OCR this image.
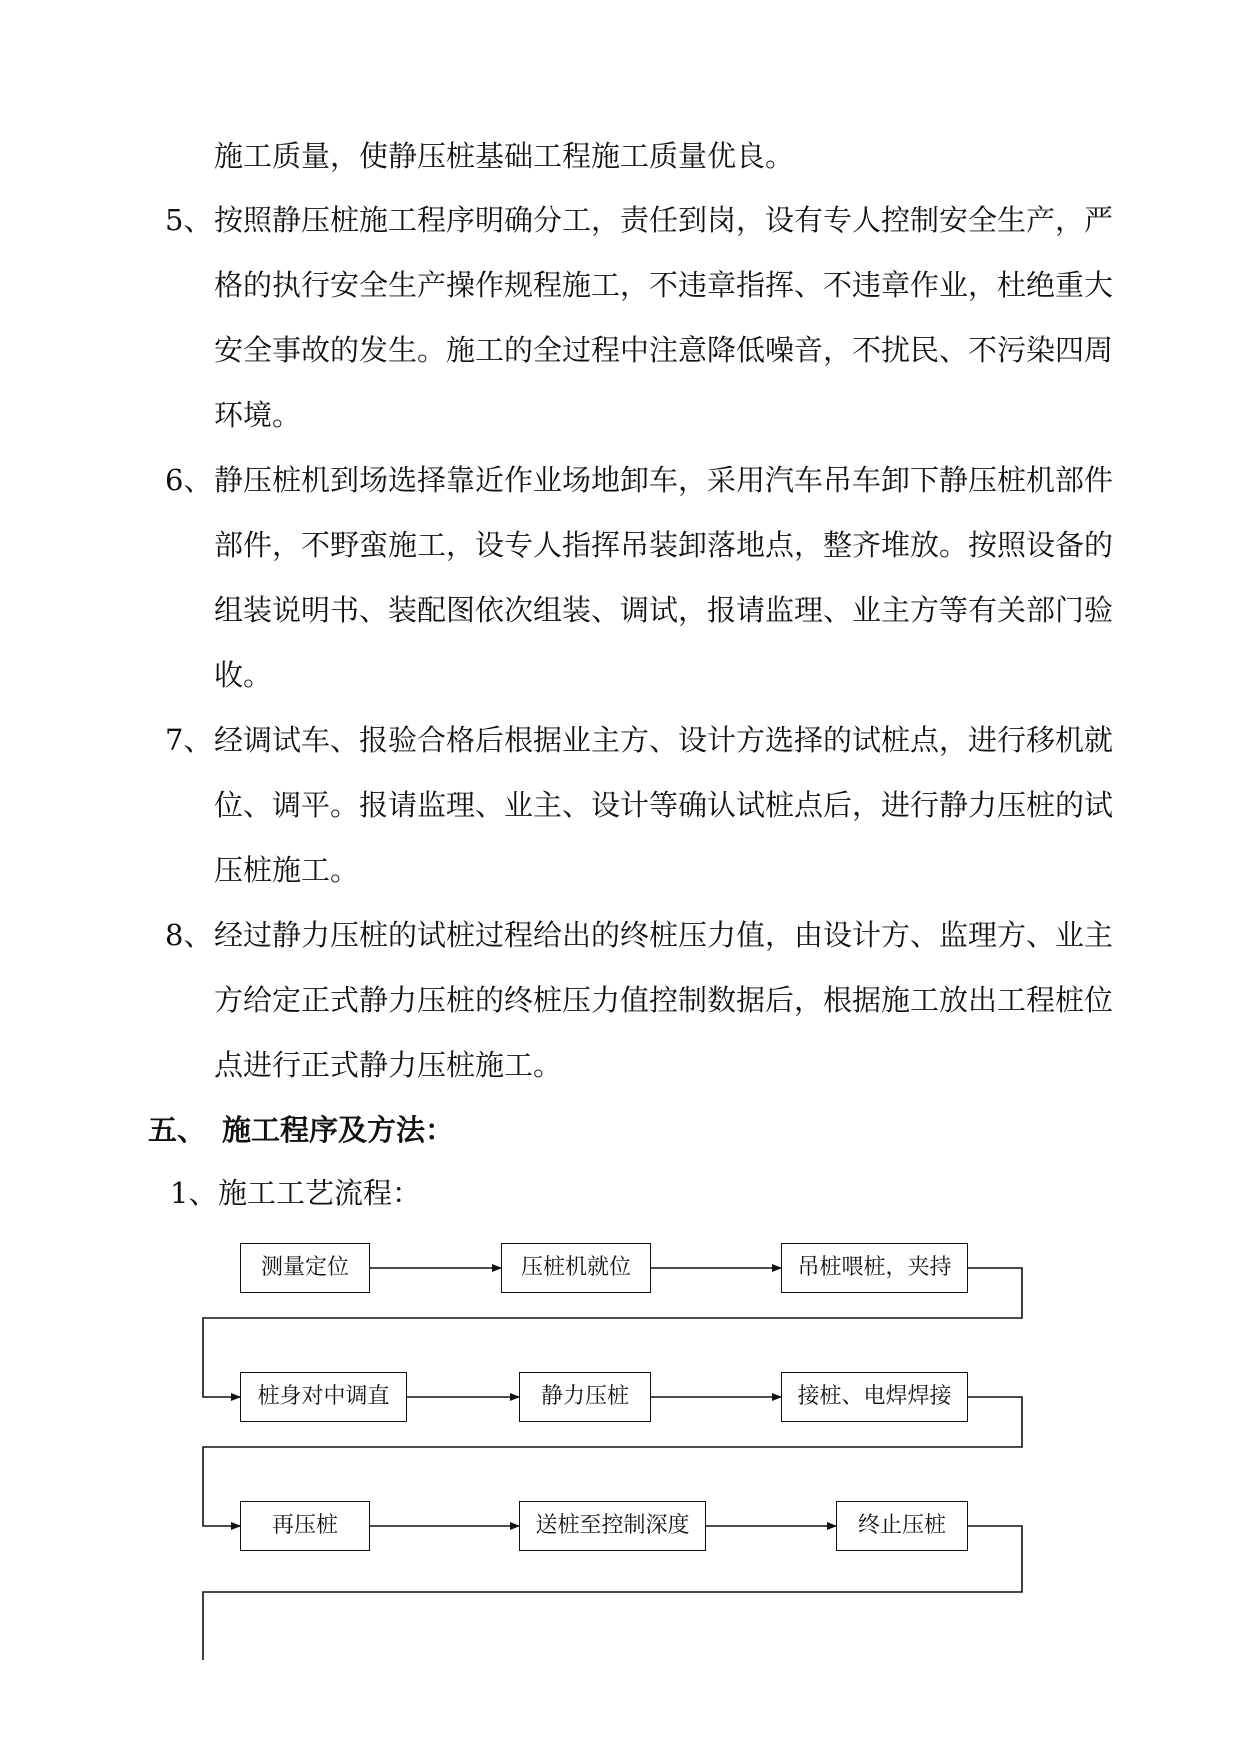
施工质量，使静压桩基础工程施工质量优良。
5、 按照静压桩施工程序明确分工，责任到岗，设有专人控制安全生产，严
格的执行安全生产操作规程施工，不违章指挥、不违章作业，杜绝重大
安全事故的发生。施工的全过程中注意降低噪音，不扰民、不污染四周
环境。
6、 静压桩机到场选择靠近作业场地卸车，采用汽车吊车卸下静压桩机部件
部件，不野蛮施工，设专人指挥吊装卸落地点，整齐堆放。按照设备的
组装说明书、装配图依次组装、调试，报请监理、业主方等有关部门验
收。
7、 经调试车、报验合格后根据业主方、设计方选择的试桩点，进行移机就
位、调平。报请监理、业主、设计等确认试桩点后，进行静力压桩的试
压桩施工。
8、 经过静力压桩的试桩过程给出的终桩压力值，由设计方、监理方、业主
方给定正式静力压桩的终桩压力值控制数据后，根据施工放出工程桩位
点进行正式静力压桩施工。
五、 施工程序及方法：
1、 施工工艺流程：
测量定位	压桩机就位	吊桩喂桩，夹持
桩身对中调直	静力压桩	接桩、电焊焊接
再压桩	送桩至控制深度	终止压桩
